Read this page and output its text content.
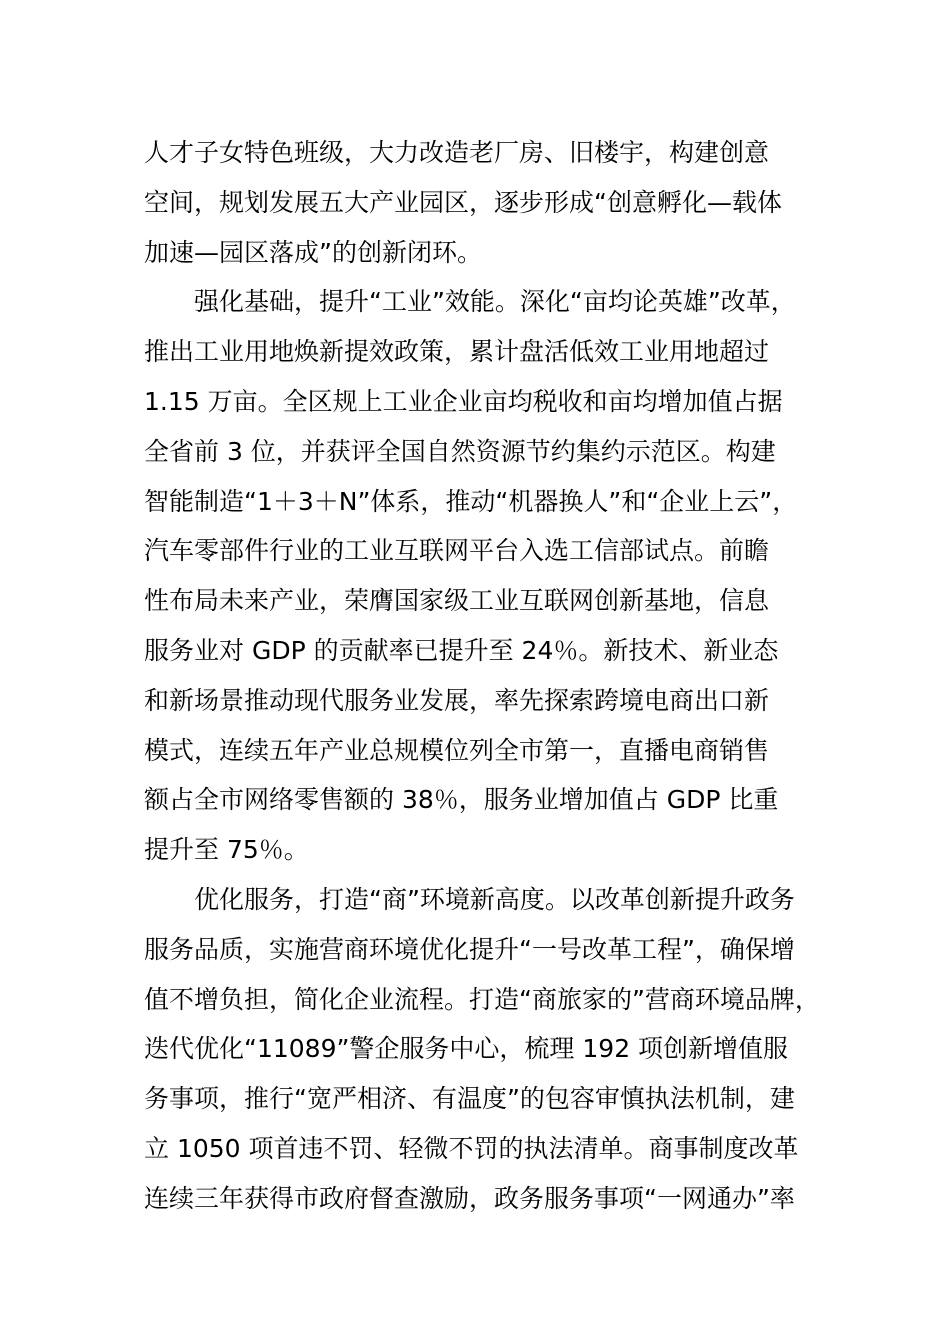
人才子女特色班级，大力改造老厂房、旧楼宇，构建创意
空间，规划发展五大产业园区，逐步形成“创意孵化—载体
加速—园区落成”的创新闭环。
强化基础，提升“工业”效能。深化“亩均论英雄”改革，
推出工业用地焕新提效政策，累计盘活低效工业用地超过
1.15 万亩。全区规上工业企业亩均税收和亩均增加值占据
全省前 3 位，并获评全国自然资源节约集约示范区。构建
智能制造“1＋3＋N”体系，推动“机器换人”和“企业上云”，
汽车零部件行业的工业互联网平台入选工信部试点。前瞻
性布局未来产业，荣膺国家级工业互联网创新基地，信息
服务业对 GDP 的贡献率已提升至 24％。新技术、新业态
和新场景推动现代服务业发展，率先探索跨境电商出口新
模式，连续五年产业总规模位列全市第一，直播电商销售
额占全市网络零售额的 38％，服务业增加值占 GDP 比重
提升至 75％。
优化服务，打造“商”环境新高度。以改革创新提升政务
服务品质，实施营商环境优化提升“一号改革工程”，确保增
值不增负担，简化企业流程。打造“商旅家的”营商环境品牌，
迭代优化“11089”警企服务中心，梳理 192 项创新增值服
务事项，推行“宽严相济、有温度”的包容审慎执法机制，建
立 1050 项首违不罚、轻微不罚的执法清单。商事制度改革
连续三年获得市政府督查激励，政务服务事项“一网通办”率
